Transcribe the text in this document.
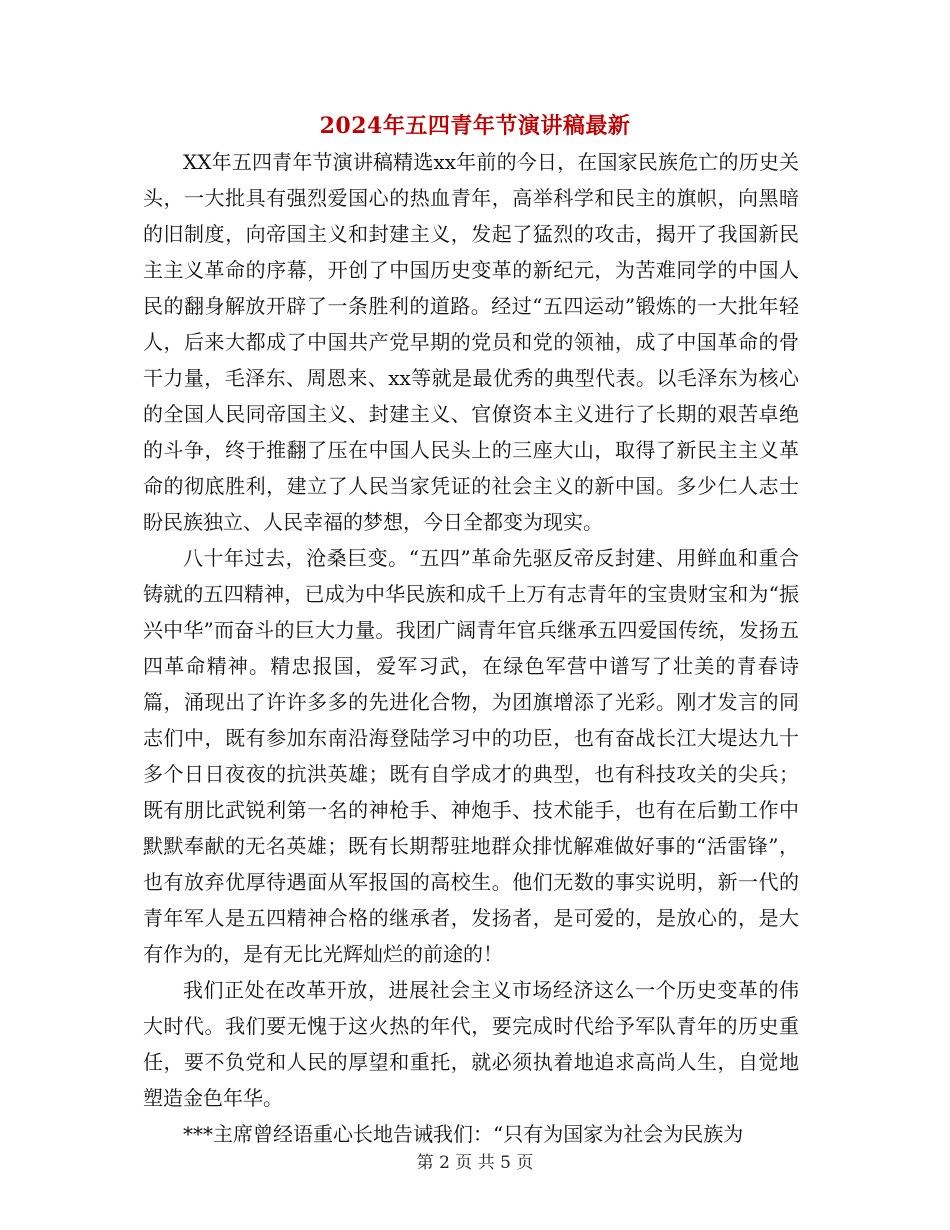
2024年五四青年节演讲稿最新

XX年五四青年节演讲稿精选xx年前的今日，在国家民族危亡的历史关头，一大批具有强烈爱国心的热血青年，高举科学和民主的旗帜，向黑暗的旧制度，向帝国主义和封建主义，发起了猛烈的攻击，揭开了我国新民主主义革命的序幕，开创了中国历史变革的新纪元，为苦难同学的中国人民的翻身解放开辟了一条胜利的道路。经过“五四运动”锻炼的一大批年轻人，后来大都成了中国共产党早期的党员和党的领袖，成了中国革命的骨干力量，毛泽东、周恩来、xx等就是最优秀的典型代表。以毛泽东为核心的全国人民同帝国主义、封建主义、官僚资本主义进行了长期的艰苦卓绝的斗争，终于推翻了压在中国人民头上的三座大山，取得了新民主主义革命的彻底胜利，建立了人民当家凭证的社会主义的新中国。多少仁人志士盼民族独立、人民幸福的梦想，今日全都变为现实。

八十年过去，沧桑巨变。“五四”革命先驱反帝反封建、用鲜血和重合铸就的五四精神，已成为中华民族和成千上万有志青年的宝贵财宝和为“振兴中华”而奋斗的巨大力量。我团广阔青年官兵继承五四爱国传统，发扬五四革命精神。精忠报国，爱军习武，在绿色军营中谱写了壮美的青春诗篇，涌现出了许许多多的先进化合物，为团旗增添了光彩。刚才发言的同志们中，既有参加东南沿海登陆学习中的功臣，也有奋战长江大堤达九十多个日日夜夜的抗洪英雄；既有自学成才的典型，也有科技攻关的尖兵；既有朋比武锐利第一名的神枪手、神炮手、技术能手，也有在后勤工作中默默奉献的无名英雄；既有长期帮驻地群众排忧解难做好事的“活雷锋”，也有放弃优厚待遇面从军报国的高校生。他们无数的事实说明，新一代的青年军人是五四精神合格的继承者，发扬者，是可爱的，是放心的，是大有作为的，是有无比光辉灿烂的前途的！

我们正处在改革开放，进展社会主义市场经济这么一个历史变革的伟大时代。我们要无愧于这火热的年代，要完成时代给予军队青年的历史重任，要不负党和人民的厚望和重托，就必须执着地追求高尚人生，自觉地塑造金色年华。

***主席曾经语重心长地告诫我们：“只有为国家为社会为民族为

第 2 页 共 5 页
